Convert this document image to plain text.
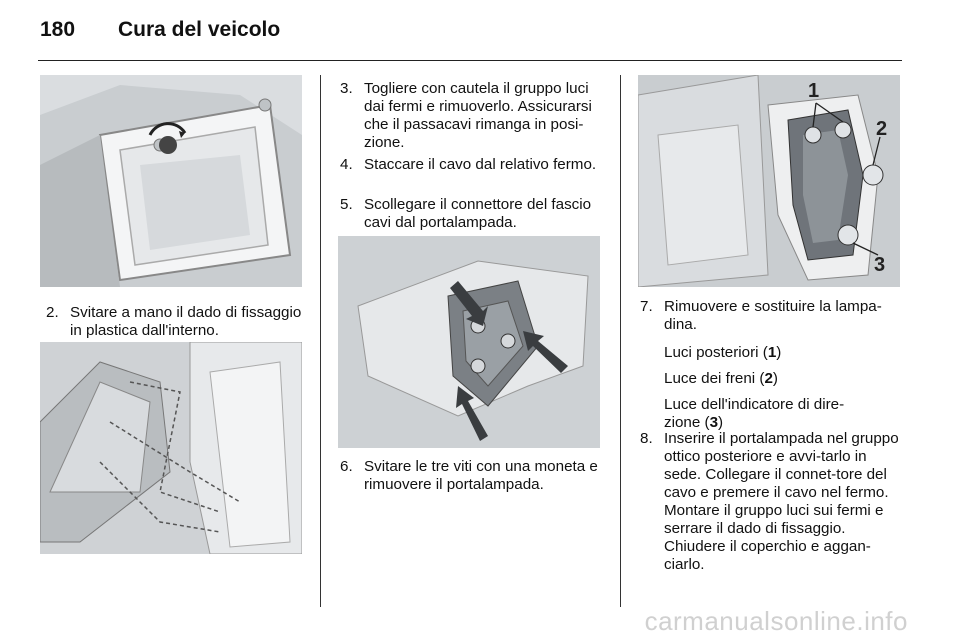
180 Cura del veicolo
2. Svitare a mano il dado di fissaggio in plastica dall'interno.
3. Togliere con cautela il gruppo luci dai fermi e rimuoverlo. Assicurarsi che il passacavi rimanga in posi-zione.
4. Staccare il cavo dal relativo fermo.
5. Scollegare il connettore del fascio cavi dal portalampada.
6. Svitare le tre viti con una moneta e rimuovere il portalampada.
1
2
3
7. Rimuovere e sostituire la lampa-dina.
Luci posteriori (1)
Luce dei freni (2)
Luce dell'indicatore di dire-zione (3)
8. Inserire il portalampada nel gruppo ottico posteriore e avvi-tarlo in sede. Collegare il connet-tore del cavo e premere il cavo nel fermo. Montare il gruppo luci sui fermi e serrare il dado di fissaggio. Chiudere il coperchio e aggan-ciarlo.
carmanualsonline.info
